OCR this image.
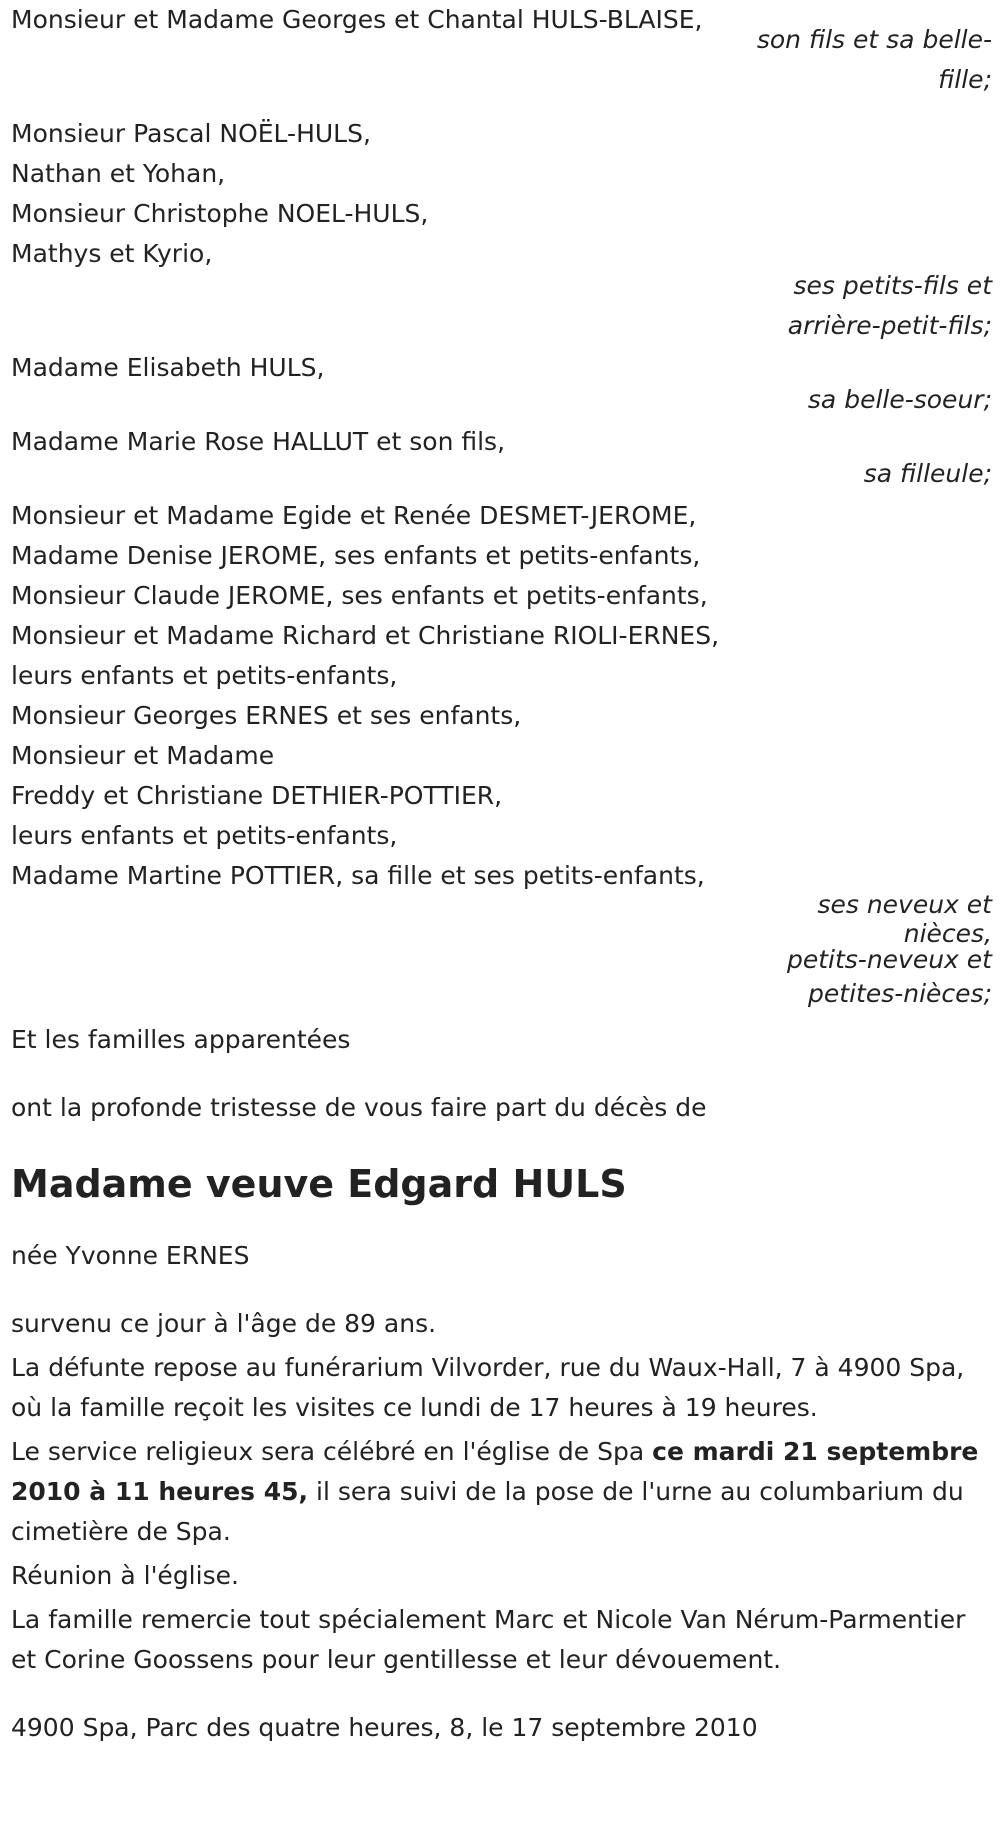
Monsieur et Madame Georges et Chantal HULS-BLAISE,
son fils et sa belle-
fille;
Monsieur Pascal NOËL-HULS,
Nathan et Yohan,
Monsieur Christophe NOEL-HULS,
Mathys et Kyrio,
ses petits-fils et
arrière-petit-fils;
Madame Elisabeth HULS,
sa belle-soeur;
Madame Marie Rose HALLUT et son fils,
sa filleule;
Monsieur et Madame Egide et Renée DESMET-JEROME,
Madame Denise JEROME, ses enfants et petits-enfants,
Monsieur Claude JEROME, ses enfants et petits-enfants,
Monsieur et Madame Richard et Christiane RIOLI-ERNES,
leurs enfants et petits-enfants,
Monsieur Georges ERNES et ses enfants,
Monsieur et Madame
Freddy et Christiane DETHIER-POTTIER,
leurs enfants et petits-enfants,
Madame Martine POTTIER, sa fille et ses petits-enfants,
ses neveux et
nièces,
petits-neveux et
petites-nièces;
Et les familles apparentées
ont la profonde tristesse de vous faire part du décès de
Madame veuve Edgard HULS
née Yvonne ERNES
survenu ce jour à l'âge de 89 ans.
La défunte repose au funérarium Vilvorder, rue du Waux-Hall, 7 à 4900 Spa, où la famille reçoit les visites ce lundi de 17 heures à 19 heures.
Le service religieux sera célébré en l'église de Spa ce mardi 21 septembre 2010 à 11 heures 45, il sera suivi de la pose de l'urne au columbarium du cimetière de Spa.
Réunion à l'église.
La famille remercie tout spécialement Marc et Nicole Van Nérum-Parmentier et Corine Goossens pour leur gentillesse et leur dévouement.
4900 Spa, Parc des quatre heures, 8, le 17 septembre 2010
